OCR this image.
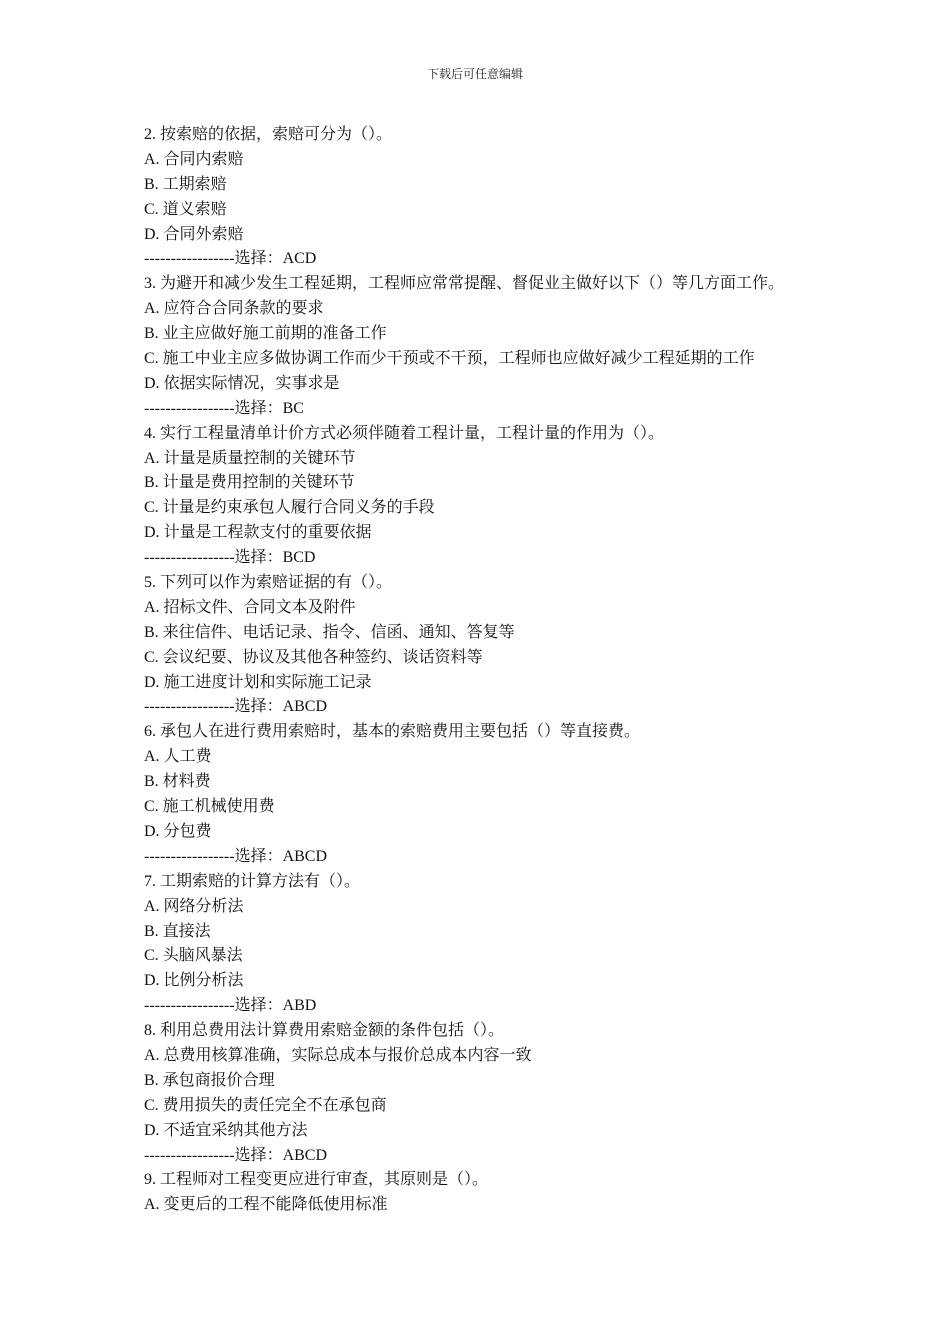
下载后可任意编辑
2. 按索赔的依据，索赔可分为（）。
A. 合同内索赔
B. 工期索赔
C. 道义索赔
D. 合同外索赔
-----------------选择：ACD
3. 为避开和减少发生工程延期，工程师应常常提醒、督促业主做好以下（）等几方面工作。
A. 应符合合同条款的要求
B. 业主应做好施工前期的准备工作
C. 施工中业主应多做协调工作而少干预或不干预，工程师也应做好减少工程延期的工作
D. 依据实际情况，实事求是
-----------------选择：BC
4. 实行工程量清单计价方式必须伴随着工程计量，工程计量的作用为（）。
A. 计量是质量控制的关键环节
B. 计量是费用控制的关键环节
C. 计量是约束承包人履行合同义务的手段
D. 计量是工程款支付的重要依据
-----------------选择：BCD
5. 下列可以作为索赔证据的有（）。
A. 招标文件、合同文本及附件
B. 来往信件、电话记录、指令、信函、通知、答复等
C. 会议纪要、协议及其他各种签约、谈话资料等
D. 施工进度计划和实际施工记录
-----------------选择：ABCD
6. 承包人在进行费用索赔时，基本的索赔费用主要包括（）等直接费。
A. 人工费
B. 材料费
C. 施工机械使用费
D. 分包费
-----------------选择：ABCD
7. 工期索赔的计算方法有（）。
A. 网络分析法
B. 直接法
C. 头脑风暴法
D. 比例分析法
-----------------选择：ABD
8. 利用总费用法计算费用索赔金额的条件包括（）。
A. 总费用核算准确，实际总成本与报价总成本内容一致
B. 承包商报价合理
C. 费用损失的责任完全不在承包商
D. 不适宜采纳其他方法
-----------------选择：ABCD
9. 工程师对工程变更应进行审查，其原则是（）。
A. 变更后的工程不能降低使用标准
